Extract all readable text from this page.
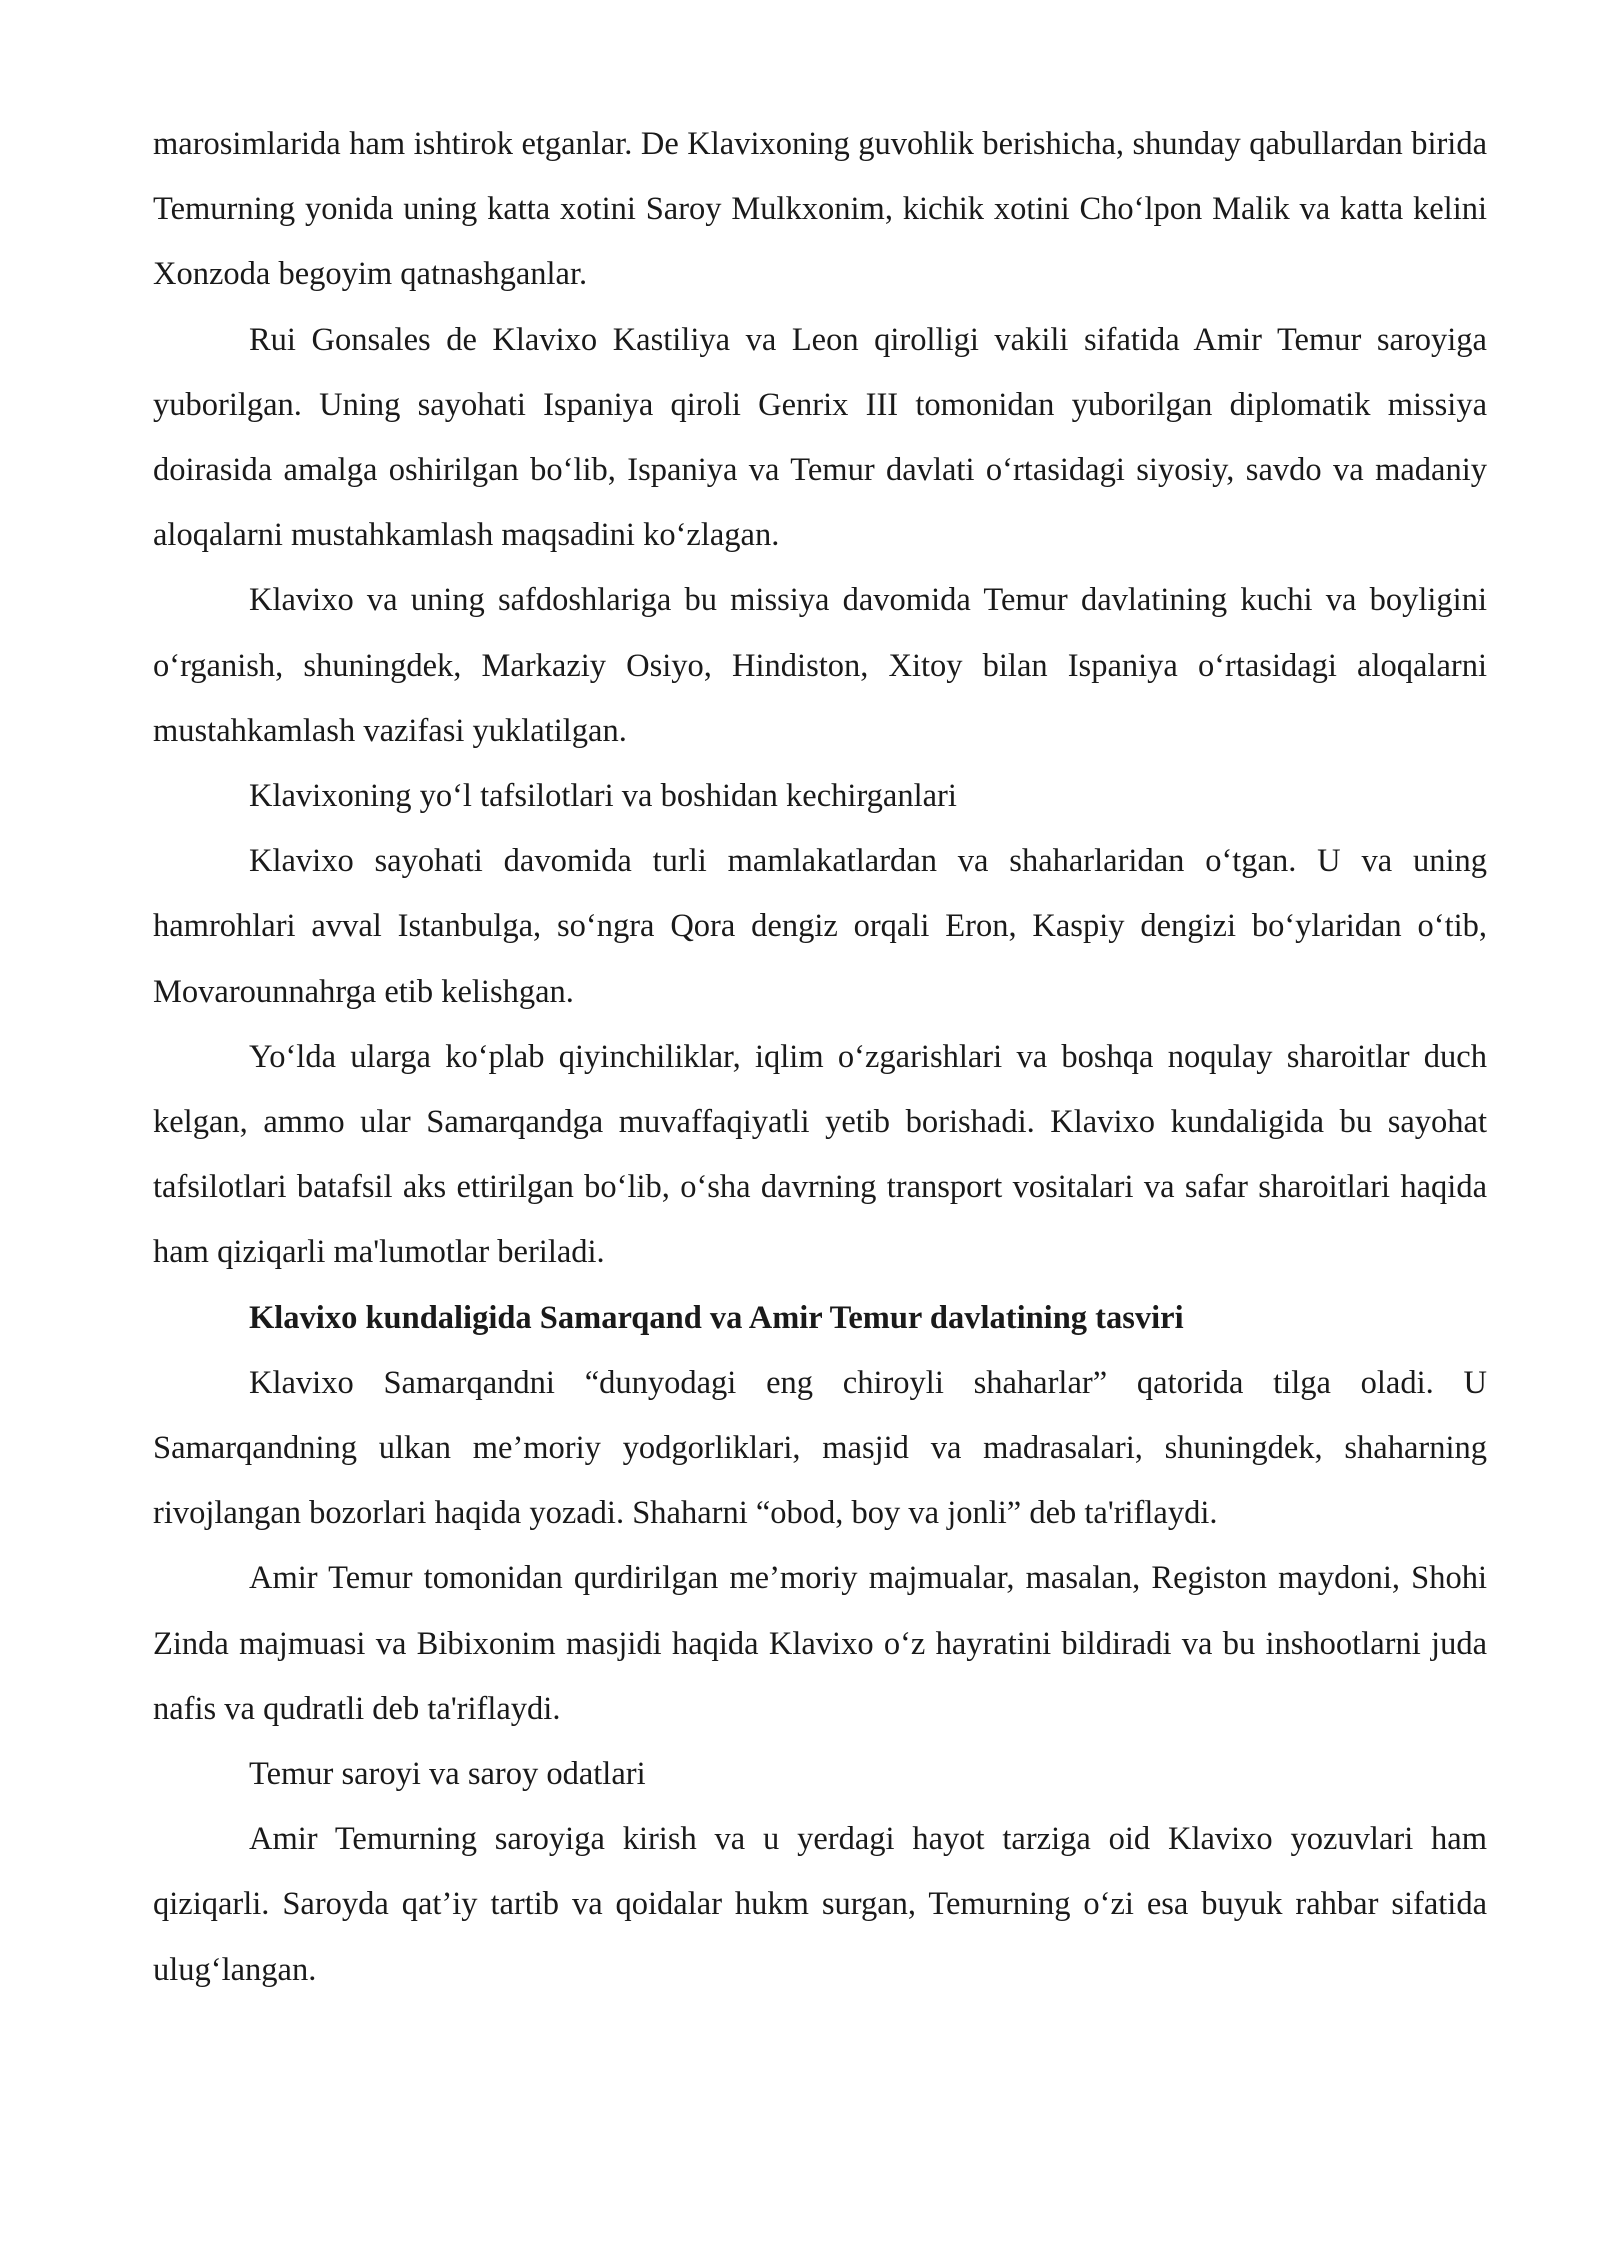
marosimlarida ham ishtirok etganlar. De Klavixoning guvohlik berishicha, shunday qabullardan birida Temurning yonida uning katta xotini Saroy Mulkxonim, kichik xotini Cho‘lpon Malik va katta kelini Xonzoda begoyim qatnashganlar.

Rui Gonsales de Klavixo Kastiliya va Leon qirolligi vakili sifatida Amir Temur saroyiga yuborilgan. Uning sayohati Ispaniya qiroli Genrix III tomonidan yuborilgan diplomatik missiya doirasida amalga oshirilgan bo‘lib, Ispaniya va Temur davlati o‘rtasidagi siyosiy, savdo va madaniy aloqalarni mustahkamlash maqsadini ko‘zlagan.

Klavixo va uning safdoshlariga bu missiya davomida Temur davlatining kuchi va boyligini o‘rganish, shuningdek, Markaziy Osiyo, Hindiston, Xitoy bilan Ispaniya o‘rtasidagi aloqalarni mustahkamlash vazifasi yuklatilgan.

Klavixoning yo‘l tafsilotlari va boshidan kechirganlari

Klavixo sayohati davomida turli mamlakatlardan va shaharlaridan o‘tgan. U va uning hamrohlari avval Istanbulga, so‘ngra Qora dengiz orqali Eron, Kaspiy dengizi bo‘ylaridan o‘tib, Movarounnahrga etib kelishgan.

Yo‘lda ularga ko‘plab qiyinchiliklar, iqlim o‘zgarishlari va boshqa noqulay sharoitlar duch kelgan, ammo ular Samarqandga muvaffaqiyatli yetib borishadi. Klavixo kundaligida bu sayohat tafsilotlari batafsil aks ettirilgan bo‘lib, o‘sha davrning transport vositalari va safar sharoitlari haqida ham qiziqarli ma'lumotlar beriladi.

Klavixo kundaligida Samarqand va Amir Temur davlatining tasviri

Klavixo Samarqandni “dunyodagi eng chiroyli shaharlar” qatorida tilga oladi. U Samarqandning ulkan me’moriy yodgorliklari, masjid va madrasalari, shuningdek, shaharning rivojlangan bozorlari haqida yozadi. Shaharni “obod, boy va jonli” deb ta'riflaydi.

Amir Temur tomonidan qurdirilgan me’moriy majmualar, masalan, Registon maydoni, Shohi Zinda majmuasi va Bibixonim masjidi haqida Klavixo o‘z hayratini bildiradi va bu inshootlarni juda nafis va qudratli deb ta'riflaydi.

Temur saroyi va saroy odatlari

Amir Temurning saroyiga kirish va u yerdagi hayot tarziga oid Klavixo yozuvlari ham qiziqarli. Saroyda qat’iy tartib va qoidalar hukm surgan, Temurning o‘zi esa buyuk rahbar sifatida ulug‘langan.
